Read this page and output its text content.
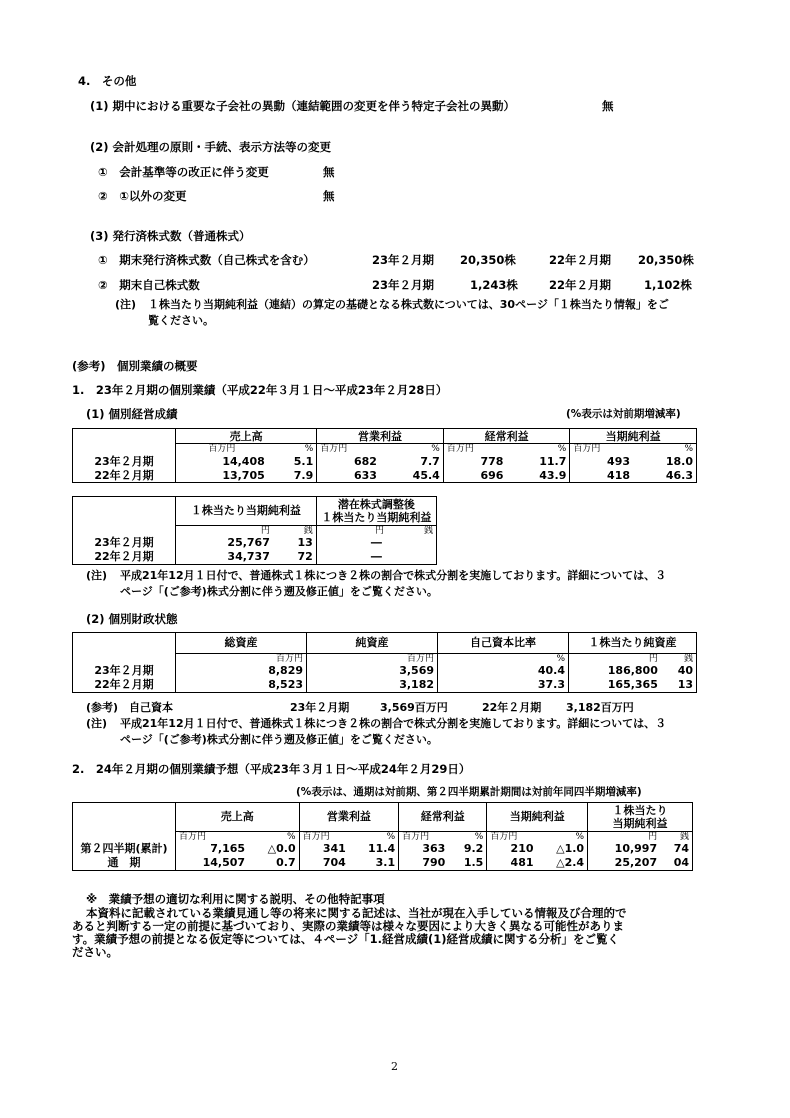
4.　その他
(1) 期中における重要な子会社の異動（連結範囲の変更を伴う特定子会社の異動）	無
(2) 会計処理の原則・手続、表示方法等の変更
①　会計基準等の改正に伴う変更	無
②　①以外の変更	無
(3) 発行済株式数（普通株式）
①　期末発行済株式数（自己株式を含む）	23年２月期 20,350株	22年２月期 20,350株
②　期末自己株式数	23年２月期	1,243株	22年２月期	1,102株
(注) １株当たり当期純利益（連結）の算定の基礎となる株式数については、30ページ「１株当たり情報」をご
覧ください。
(参考)　個別業績の概要
1.　23年２月期の個別業績（平成22年３月１日～平成23年２月28日）
(1) 個別経営成績	(%表示は対前期増減率)
	売上高		営業利益		経常利益		当期純利益	
	百万円	%	百万円	%	百万円	%	百万円	%
23年２月期	14,408	5.1	682	7.7	778	11.7	493	18.0
22年２月期	13,705	7.9	633	45.4	696	43.9	418	46.3
	１株当たり当期純利益		潜在株式調整後
１株当たり当期純利益

	円	銭	円 銭
23年２月期	25,767	13	―
22年２月期	34,737	72	―
(注) 平成21年12月１日付で、普通株式１株につき２株の割合で株式分割を実施しております。詳細については、３
ページ「(ご参考)株式分割に伴う遡及修正値」をご覧ください。
(2) 個別財政状態
	総資産	純資産	自己資本比率	１株当たり純資産	
	百万円	百万円	%	円	銭
23年２月期	8,829	3,569	40.4	186,800	40
22年２月期	8,523	3,182	37.3	165,365	13
(参考)　自己資本	23年２月期	3,569百万円	22年２月期 3,182百万円
(注) 平成21年12月１日付で、普通株式１株につき２株の割合で株式分割を実施しております。詳細については、３
ページ「(ご参考)株式分割に伴う遡及修正値」をご覧ください。
2.　24年２月期の個別業績予想（平成23年３月１日～平成24年２月29日）
(%表示は、通期は対前期、第２四半期累計期間は対前年同四半期増減率)
	売上高		営業利益		経常利益		当期純利益		１株当たり
当期純利益	

	百万円	%	百万円	%	百万円	%	百万円	%	円	銭
第２四半期(累計)	7,165	△0.0	341	11.4	363	9.2	210	△1.0	10,997	74
通　期	14,507	0.7	704	3.1	790	1.5	481	△2.4	25,207	04
※　業績予想の適切な利用に関する説明、その他特記事項
本資料に記載されている業績見通し等の将来に関する記述は、当社が現在入手している情報及び合理的で
あると判断する一定の前提に基づいており、実際の業績等は様々な要因により大きく異なる可能性がありま
す。業績予想の前提となる仮定等については、４ページ「1.経営成績(1)経営成績に関する分析」をご覧く
ださい。
2
